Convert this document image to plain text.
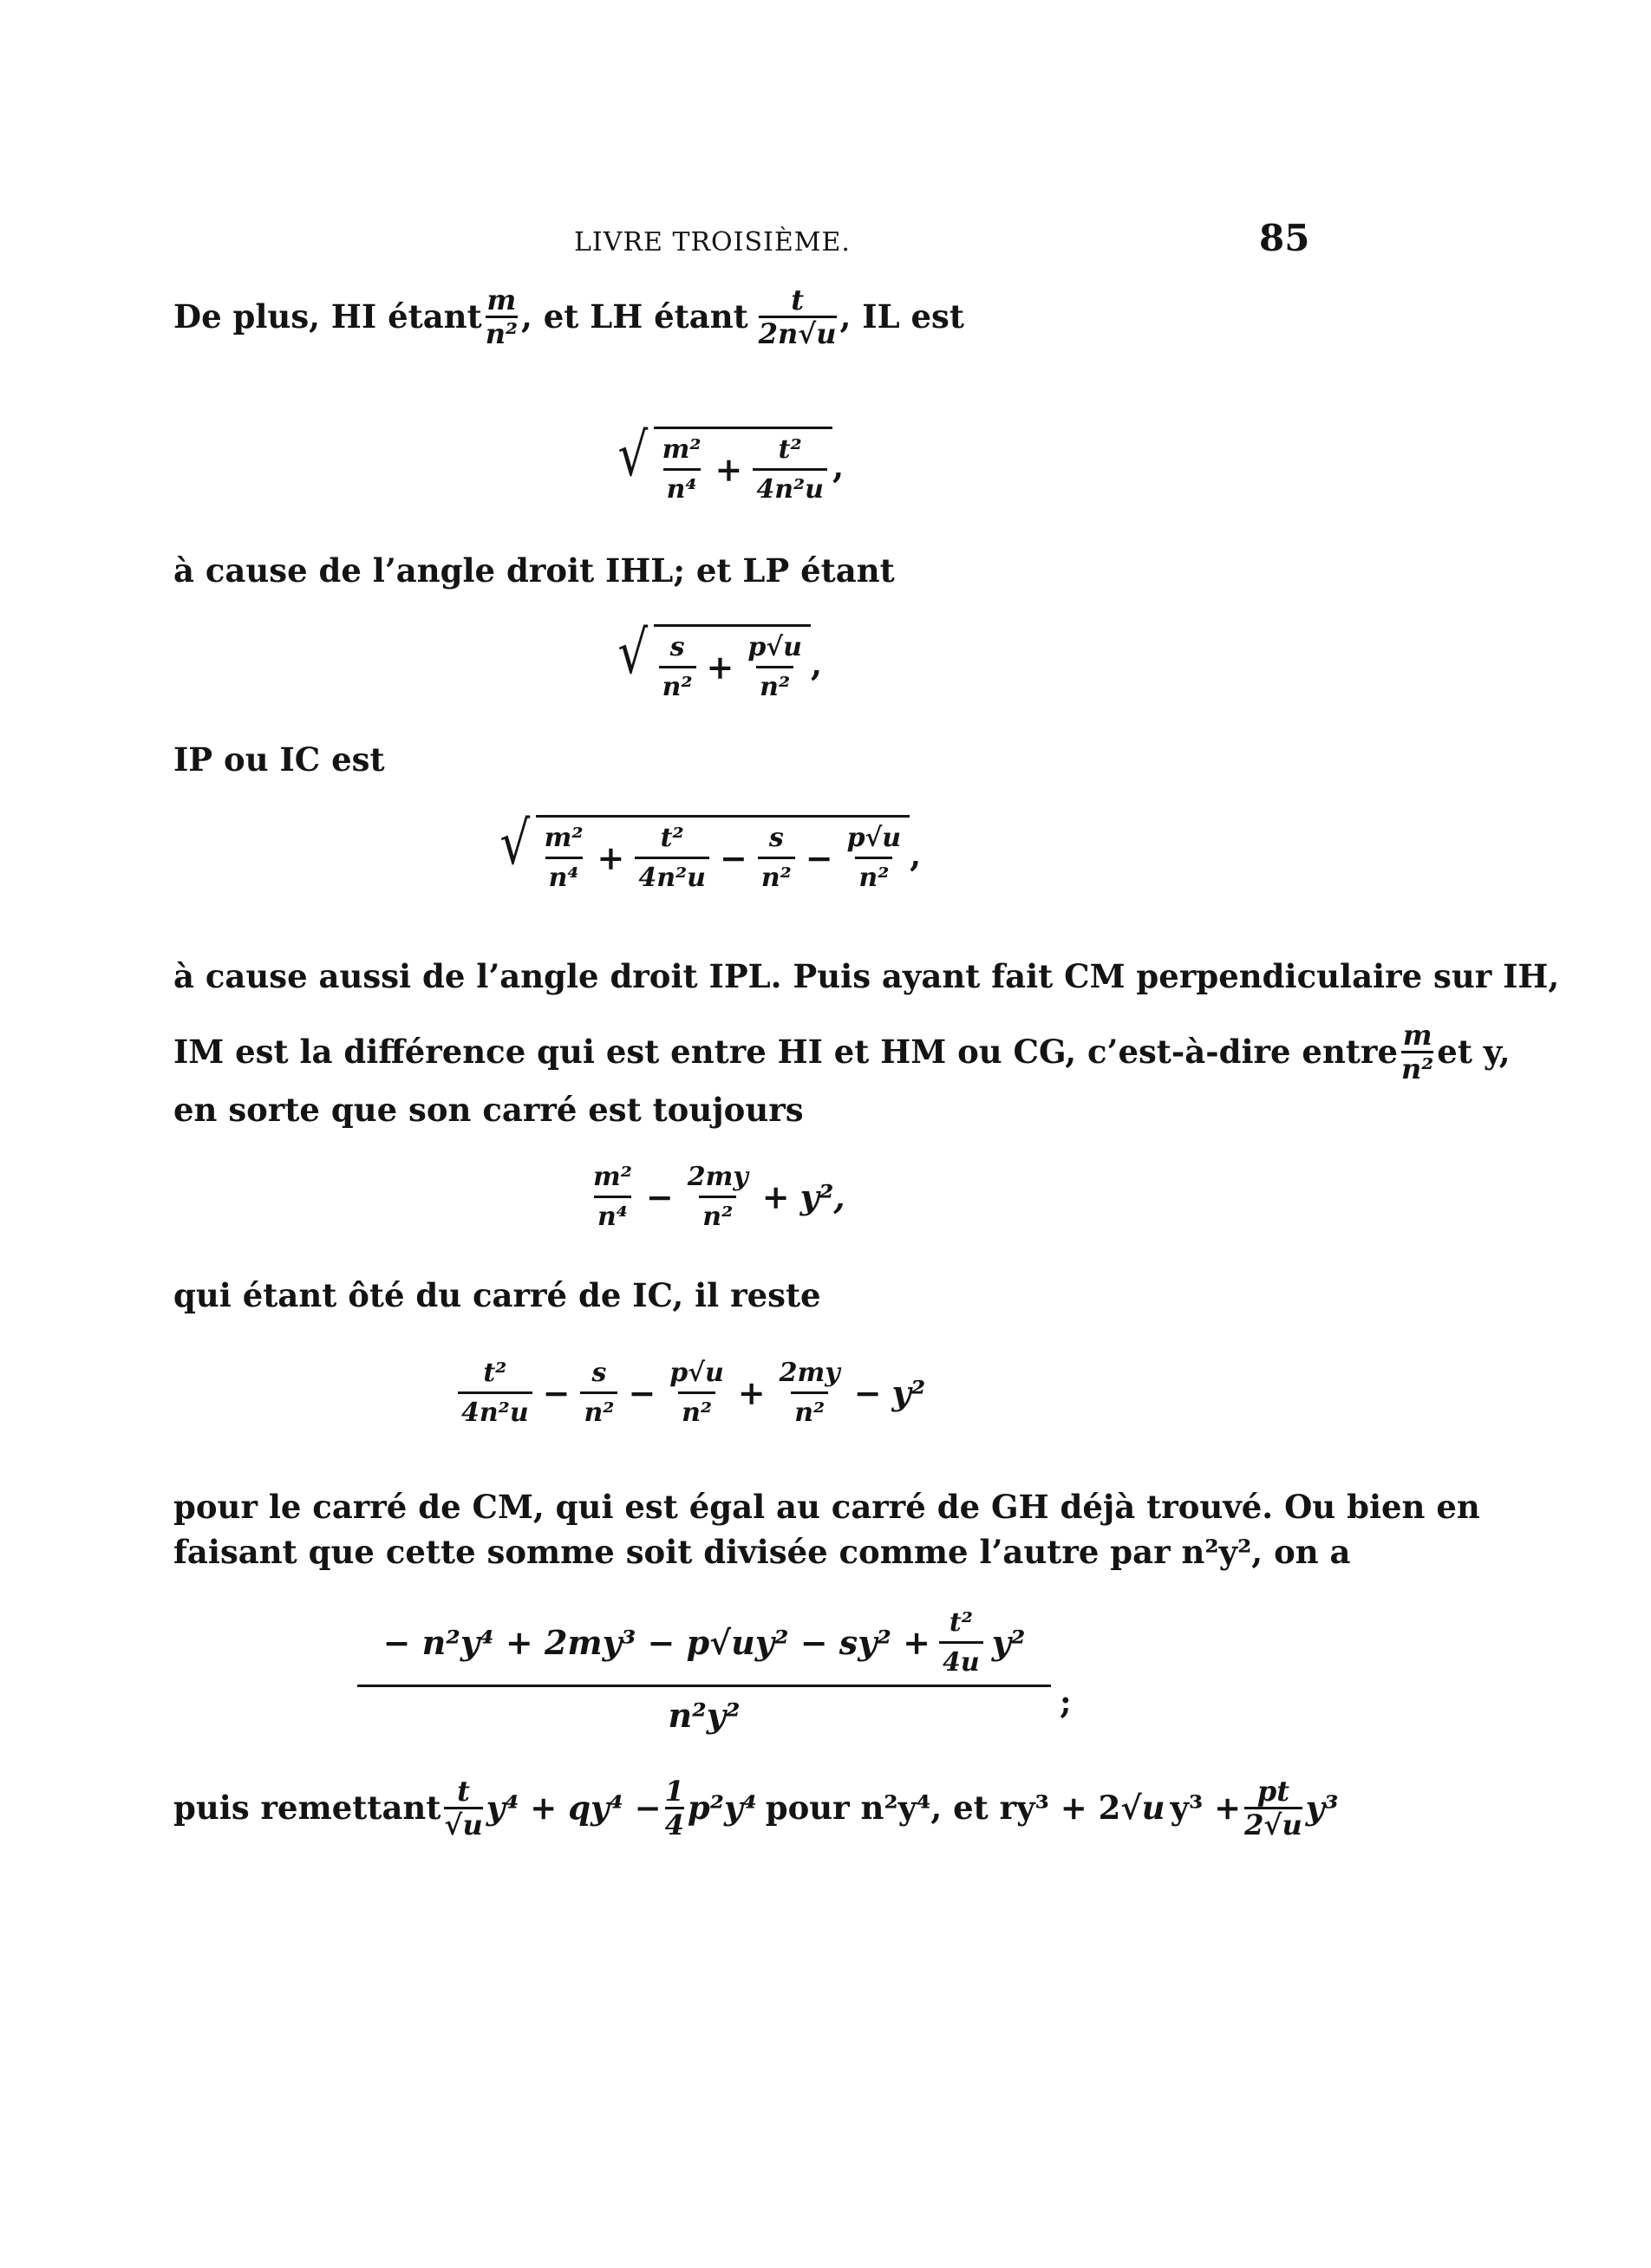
LIVRE TROISIÈME.	85
De plus, HI étant $\frac{m}{\text{n²}}$ , et LH étant $\frac{t}{2n√u}$ , IL est
√ $\frac{\text{m²}}{\text{n⁴}} + \frac{\text{t²}}{\text{4n²u}}$ ,
à cause de l’angle droit IHL; et LP étant
√ $\frac{s}{\text{n²}} + \frac{p√u}{\text{n²}}$ ,
IP ou IC est
√ $\frac{\text{m²}}{\text{n⁴}} + \frac{\text{t²}}{\text{4n²u}} - \frac{s}{\text{n²}} - \frac{p√u}{\text{n²}}$ ,
à cause aussi de l’angle droit IPL. Puis ayant fait CM perpendiculaire sur IH,
IM est la différence qui est entre HI et HM ou CG, c’est-à-dire entre $\frac{m}{\text{n²}}$ et y,
en sorte que son carré est toujours
$\frac{\text{m²}}{\text{n⁴}} - \frac{2my}{\text{n²}} + y^2$,
qui étant ôté du carré de IC, il reste
$\frac{\text{t²}}{\text{4n²u}} - \frac{s}{\text{n²}} - \frac{p√u}{\text{n²}} + \frac{2my}{\text{n²}} - y^2$
pour le carré de CM, qui est égal au carré de GH déjà trouvé. Ou bien en
faisant que cette somme soit divisée comme l’autre par n²y², on a
− $n^2y^4 + 2my^3 - p√uy^2 - sy^2 + \frac{\text{t²}}{4u} y^2$
n²y²	;
puis remettant $\frac{t}{√u} y^4 + qy^4 - \frac{1}{4} p^2y^4$ pour n²y⁴, et ry³ + 2 √u $y^3 + \frac{pt}{2√u} y^3$
